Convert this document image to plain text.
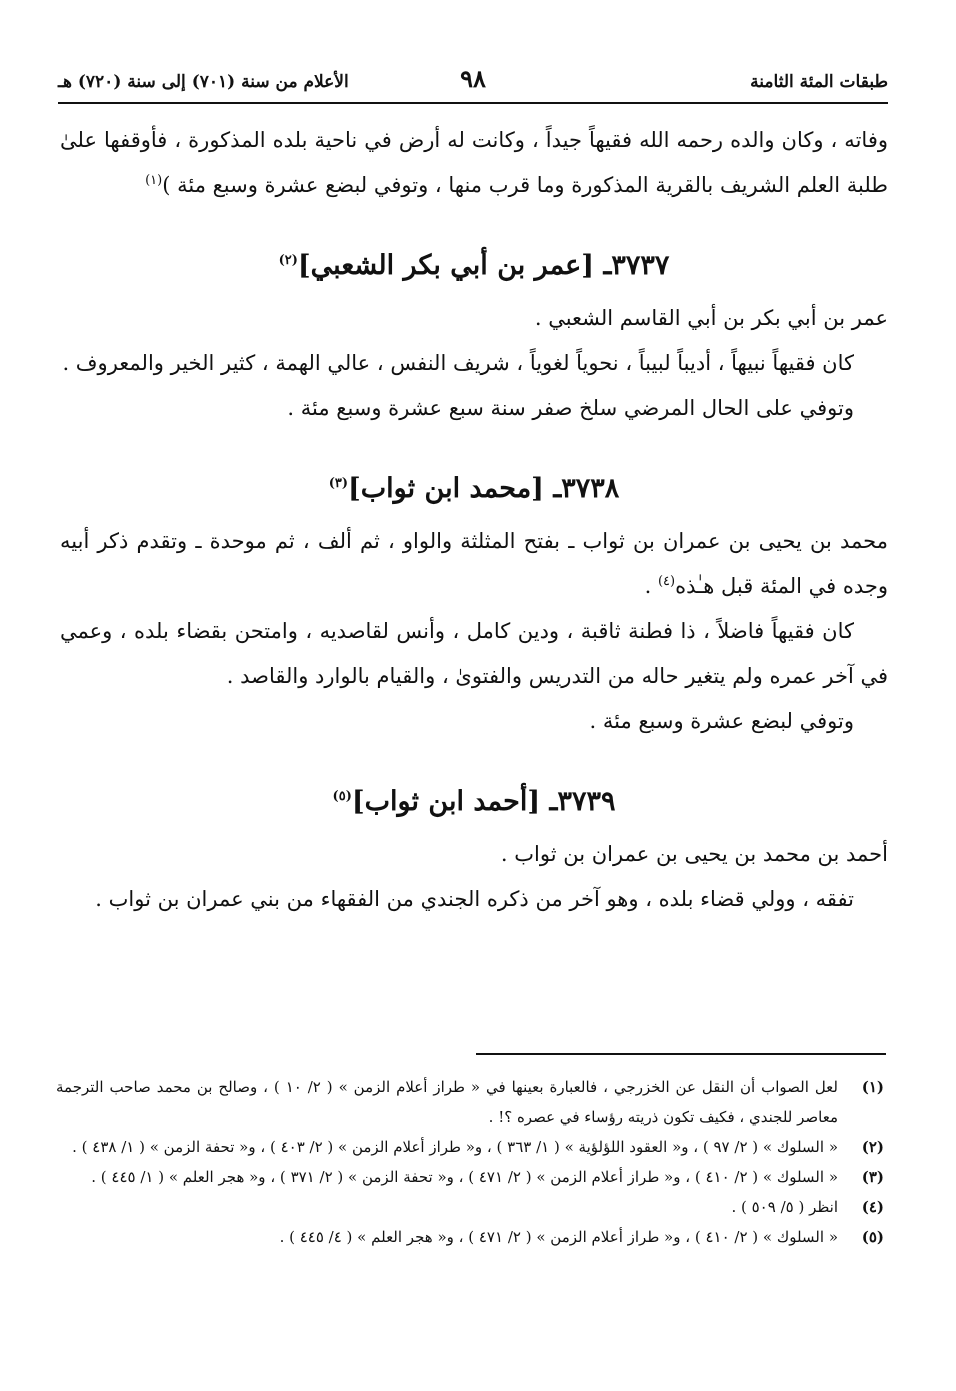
طبقات المئة الثامنة
٩٨
الأعلام من سنة (٧٠١) إلى سنة (٧٢٠) هـ

وفاته ، وكان والده رحمه الله فقيهاً جيداً ، وكانت له أرض في ناحية بلده المذكورة ، فأوقفها علىٰ طلبة العلم الشريف بالقرية المذكورة وما قرب منها ، وتوفي لبضع عشرة وسبع مئة )$^{(١)}$

٣٧٣٧ـ [عمر بن أبي بكر الشعبي]$^{(٢)}$

عمر بن أبي بكر بن أبي القاسم الشعبي .

كان فقيهاً نبيهاً ، أديباً لبيباً ، نحوياً لغوياً ، شريف النفس ، عالي الهمة ، كثير الخير والمعروف .

وتوفي على الحال المرضي سلخ صفر سنة سبع عشرة وسبع مئة .

٣٧٣٨ـ [محمد ابن ثواب]$^{(٣)}$

محمد بن يحيى بن عمران بن ثواب ـ بفتح المثلثة والواو ، ثم ألف ، ثم موحدة ـ وتقدم ذكر أبيه وجده في المئة قبل هـٰذه$^{(٤)}$ .

كان فقيهاً فاضلاً ، ذا فطنة ثاقبة ، ودين كامل ، وأنس لقاصديه ، وامتحن بقضاء بلده ، وعمي في آخر عمره ولم يتغير حاله من التدريس والفتوىٰ ، والقيام بالوارد والقاصد .

وتوفي لبضع عشرة وسبع مئة .

٣٧٣٩ـ [أحمد ابن ثواب]$^{(٥)}$

أحمد بن محمد بن يحيى بن عمران بن ثواب .

تفقه ، وولي قضاء بلده ، وهو آخر من ذكره الجندي من الفقهاء من بني عمران بن ثواب .

(١)
لعل الصواب أن النقل عن الخزرجي ، فالعبارة بعينها في « طراز أعلام الزمن » ( ٢/ ١٠ ) ، وصالح بن محمد صاحب الترجمة معاصر للجندي ، فكيف تكون ذريته رؤساء في عصره ؟! .
(٢)
« السلوك » ( ٢/ ٩٧ ) ، و« العقود اللؤلؤية » ( ١/ ٣٦٣ ) ، و« طراز أعلام الزمن » ( ٢/ ٤٠٣ ) ، و« تحفة الزمن » ( ١/ ٤٣٨ ) .
(٣)
« السلوك » ( ٢/ ٤١٠ ) ، و« طراز أعلام الزمن » ( ٢/ ٤٧١ ) ، و« تحفة الزمن » ( ٢/ ٣٧١ ) ، و« هجر العلم » ( ١/ ٤٤٥ ) .
(٤)
انظر ( ٥/ ٥٠٩ ) .
(٥)
« السلوك » ( ٢/ ٤١٠ ) ، و« طراز أعلام الزمن » ( ٢/ ٤٧١ ) ، و« هجر العلم » ( ٤/ ٤٤٥ ) .
